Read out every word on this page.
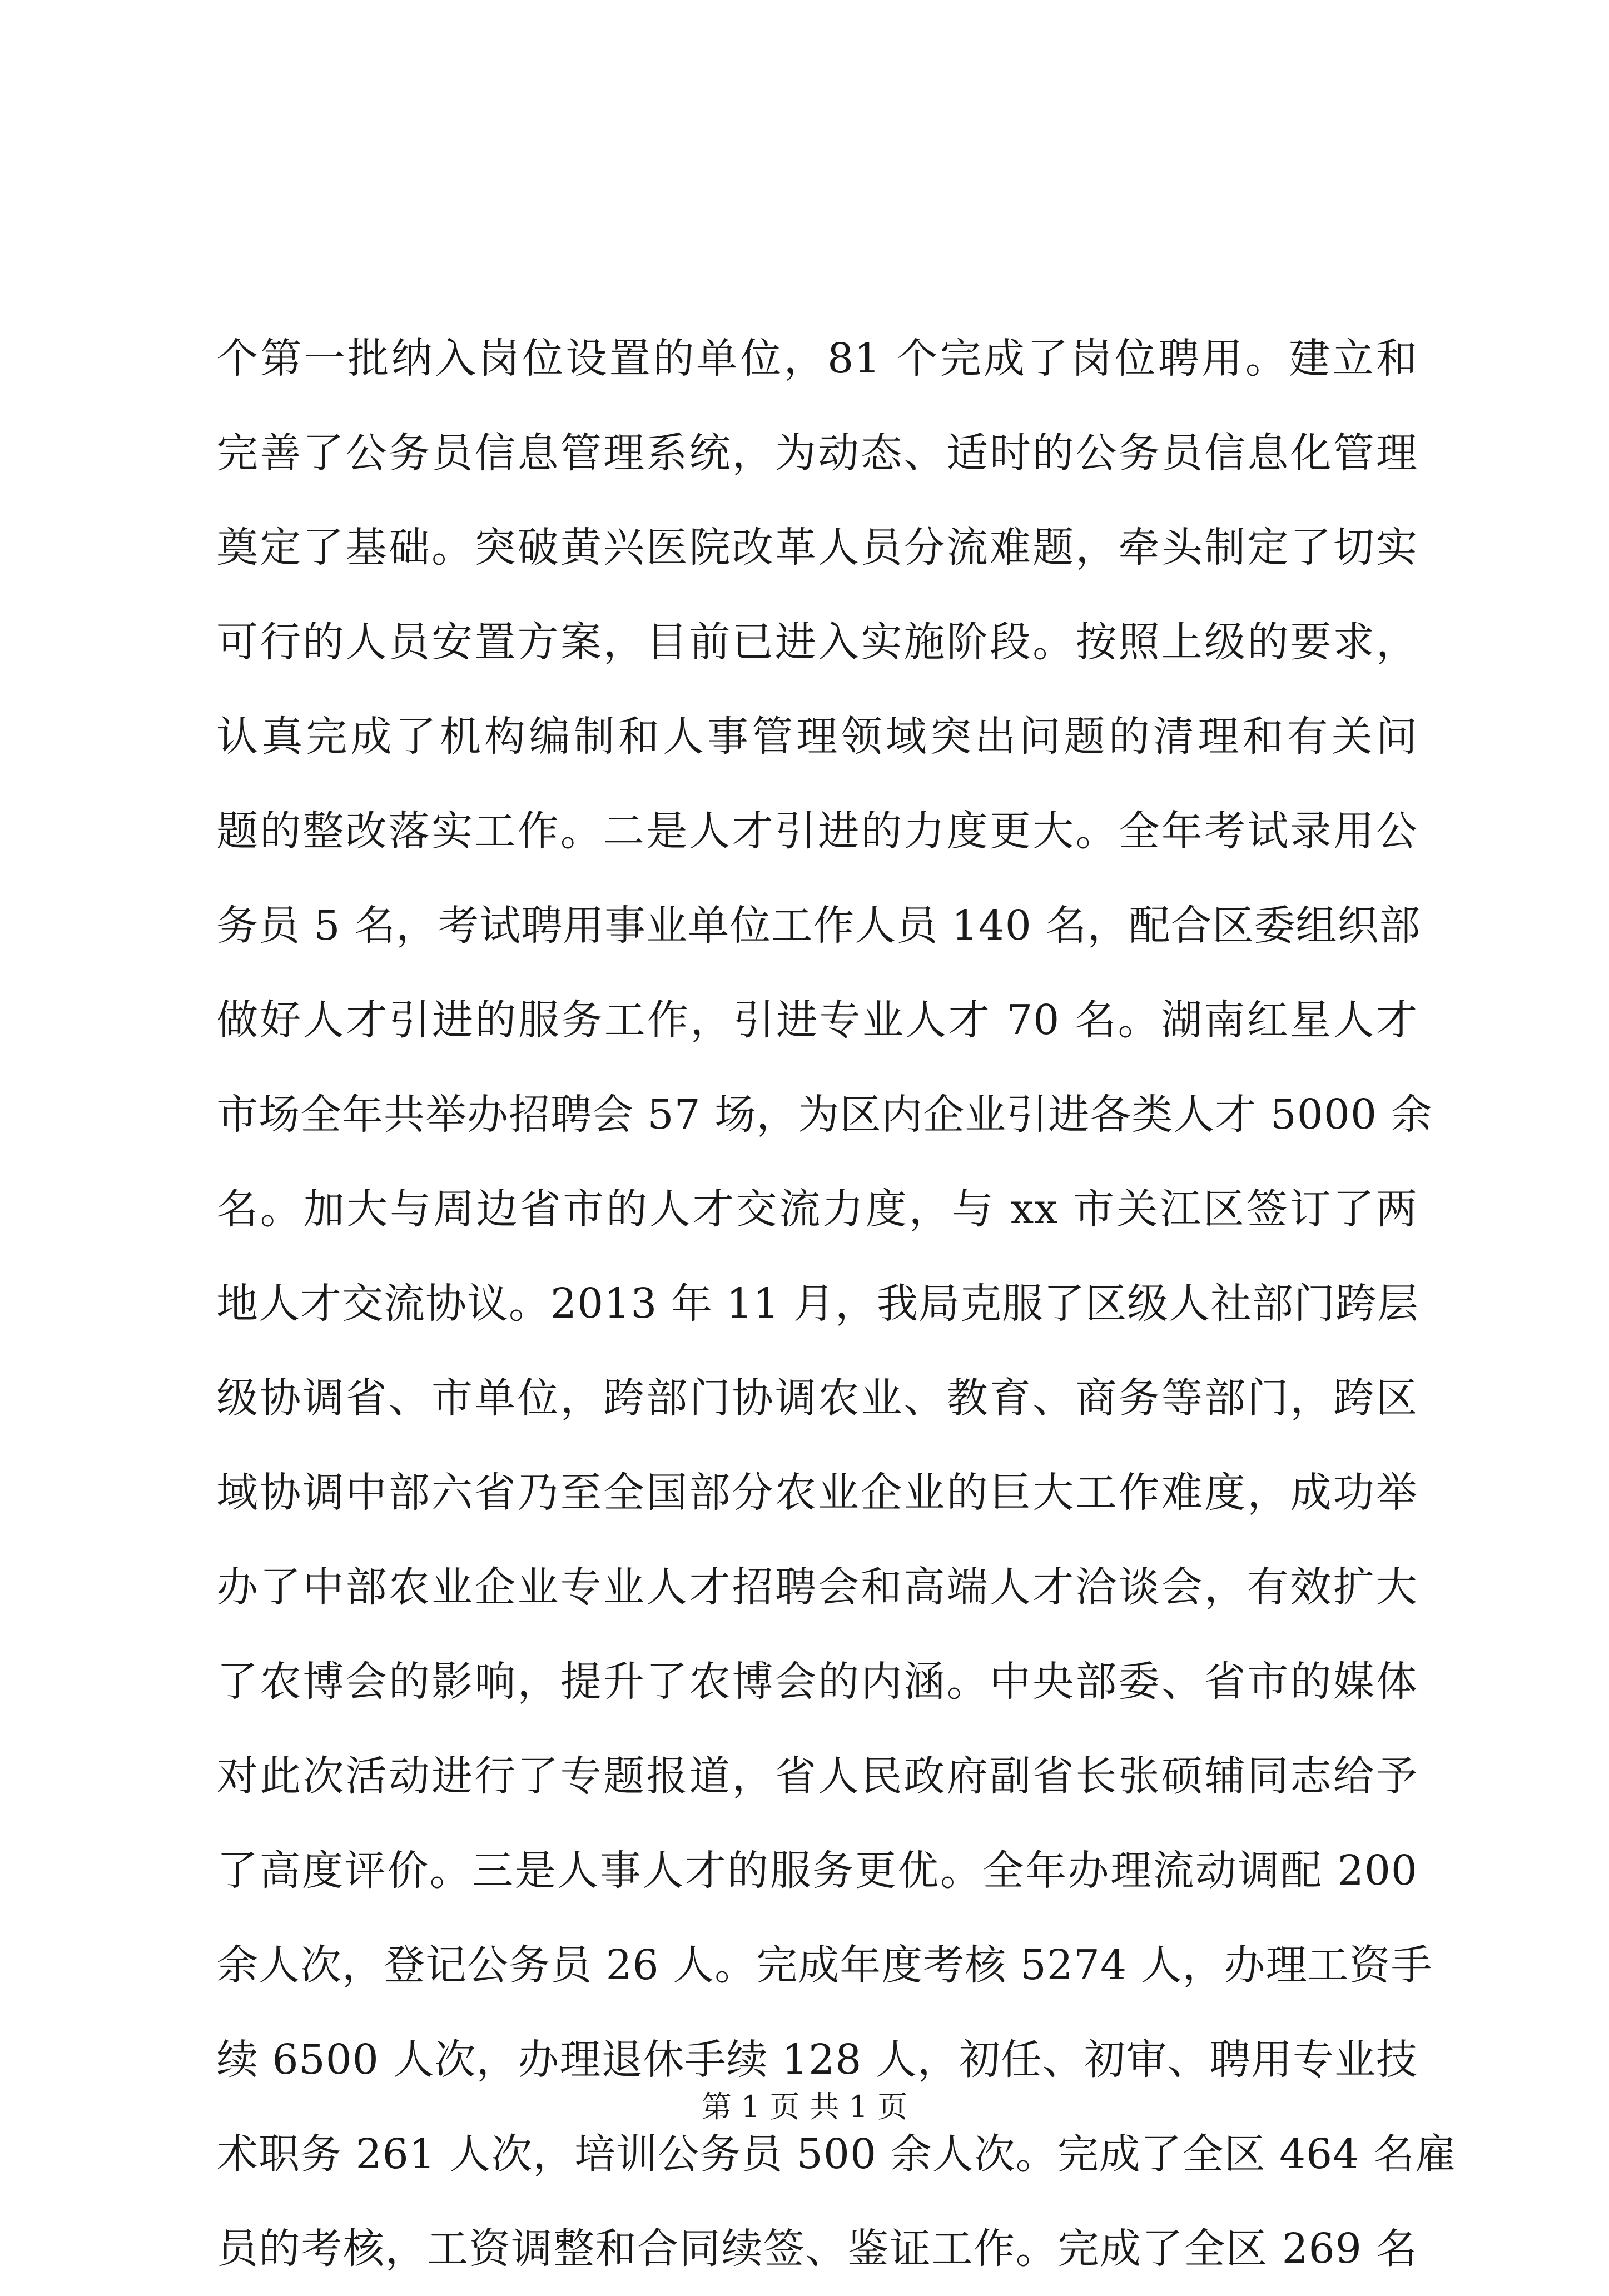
个第一批纳入岗位设置的单位，81 个完成了岗位聘用。建立和
完善了公务员信息管理系统，为动态、适时的公务员信息化管理
奠定了基础。突破黄兴医院改革人员分流难题，牵头制定了切实
可行的人员安置方案，目前已进入实施阶段。按照上级的要求，
认真完成了机构编制和人事管理领域突出问题的清理和有关问
题的整改落实工作。二是人才引进的力度更大。全年考试录用公
务员 5 名，考试聘用事业单位工作人员 140 名，配合区委组织部
做好人才引进的服务工作，引进专业人才 70 名。湖南红星人才
市场全年共举办招聘会 57 场，为区内企业引进各类人才 5000 余
名。加大与周边省市的人才交流力度，与 xx 市关江区签订了两
地人才交流协议。2013 年 11 月，我局克服了区级人社部门跨层
级协调省、市单位，跨部门协调农业、教育、商务等部门，跨区
域协调中部六省乃至全国部分农业企业的巨大工作难度，成功举
办了中部农业企业专业人才招聘会和高端人才洽谈会，有效扩大
了农博会的影响，提升了农博会的内涵。中央部委、省市的媒体
对此次活动进行了专题报道，省人民政府副省长张硕辅同志给予
了高度评价。三是人事人才的服务更优。全年办理流动调配 200
余人次，登记公务员 26 人。完成年度考核 5274 人，办理工资手
续 6500 人次，办理退休手续 128 人，初任、初审、聘用专业技
术职务 261 人次，培训公务员 500 余人次。完成了全区 464 名雇
员的考核，工资调整和合同续签、鉴证工作。完成了全区 269 名
第 1 页 共 1 页
